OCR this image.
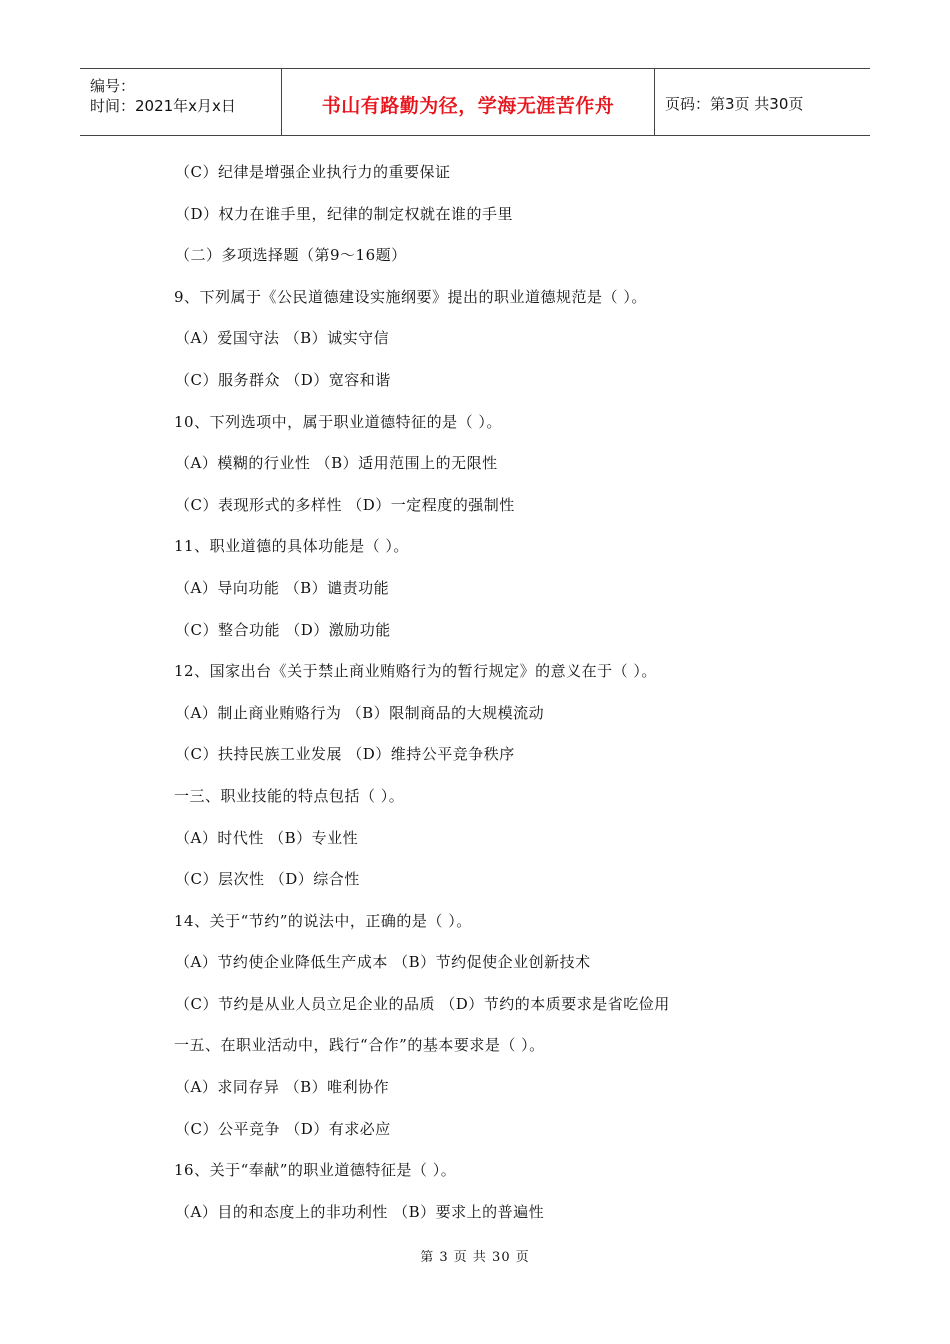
编号：
时间：2021年x月x日	书山有路勤为径，学海无涯苦作舟	页码：第3页 共30页
（C）纪律是增强企业执行力的重要保证
（D）权力在谁手里，纪律的制定权就在谁的手里
（二）多项选择题（第9～16题）
9、下列属于《公民道德建设实施纲要》提出的职业道德规范是（ ）。
（A）爱国守法 （B）诚实守信
（C）服务群众 （D）宽容和谐
10、下列选项中，属于职业道德特征的是（ ）。
（A）模糊的行业性 （B）适用范围上的无限性
（C）表现形式的多样性 （D）一定程度的强制性
11、职业道德的具体功能是（ ）。
（A）导向功能 （B）谴责功能
（C）整合功能 （D）激励功能
12、国家出台《关于禁止商业贿赂行为的暂行规定》的意义在于（ ）。
（A）制止商业贿赂行为 （B）限制商品的大规模流动
（C）扶持民族工业发展 （D）维持公平竞争秩序
一三、职业技能的特点包括（ ）。
（A）时代性 （B）专业性
（C）层次性 （D）综合性
14、关于“节约”的说法中，正确的是（ ）。
（A）节约使企业降低生产成本 （B）节约促使企业创新技术
（C）节约是从业人员立足企业的品质 （D）节约的本质要求是省吃俭用
一五、在职业活动中，践行“合作”的基本要求是（ ）。
（A）求同存异 （B）唯利协作
（C）公平竞争 （D）有求必应
16、关于“奉献”的职业道德特征是（ ）。
（A）目的和态度上的非功利性 （B）要求上的普遍性
第 3 页 共 30 页
